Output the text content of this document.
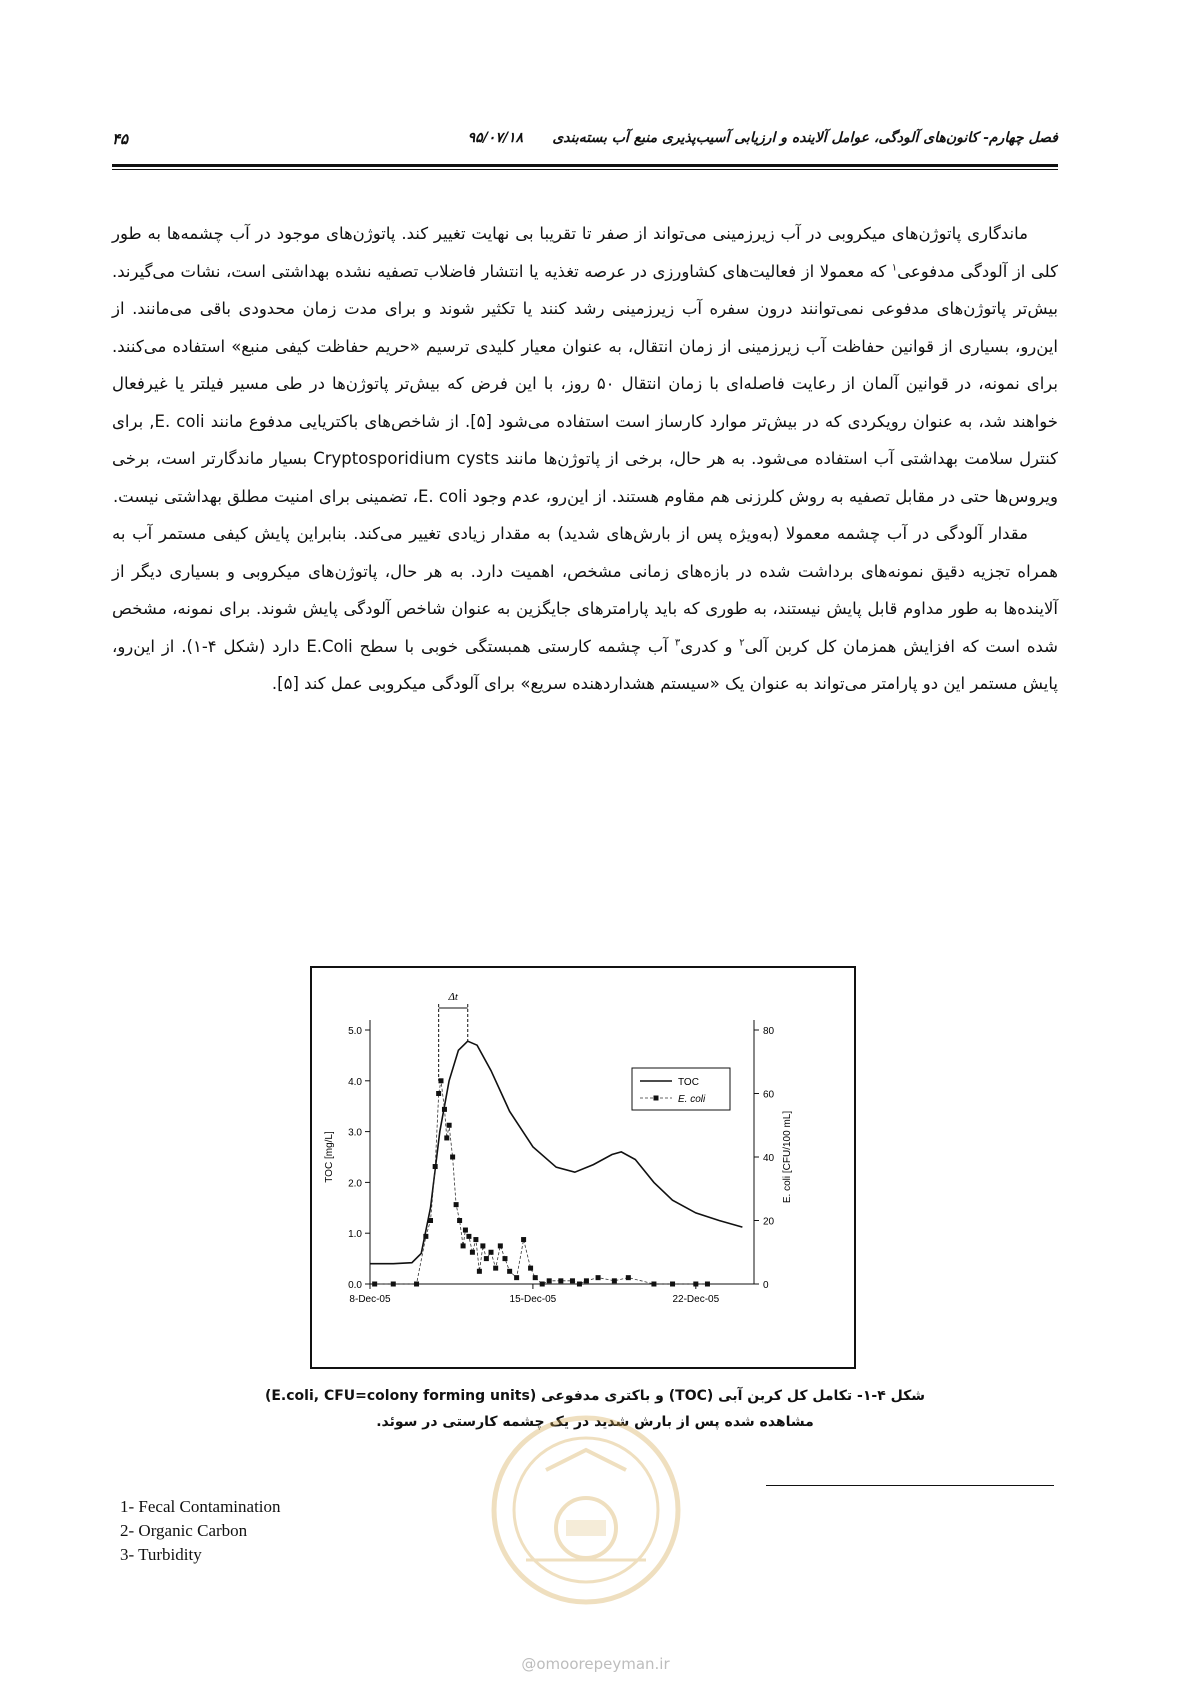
فصل چهارم- کانون‌های آلودگی، عوامل آلاینده و ارزیابی آسیب‌پذیری منبع آب بسته‌بندی
۹۵/۰۷/۱۸
۴۵

ماندگاری پاتوژن‌های میکروبی در آب زیرزمینی می‌تواند از صفر تا تقریبا بی نهایت تغییر کند. پاتوژن‌های موجود در آب چشمه‌ها به طور کلی از آلودگی مدفوعی$^۱$ که معمولا از فعالیت‌های کشاورزی در عرصه تغذیه یا انتشار فاضلاب تصفیه نشده بهداشتی است، نشات می‌گیرند. بیش‌تر پاتوژن‌های مدفوعی نمی‌توانند درون سفره آب زیرزمینی رشد کنند یا تکثیر شوند و برای مدت زمان محدودی باقی می‌مانند. از این‌رو، بسیاری از قوانین حفاظت آب زیرزمینی از زمان انتقال، به عنوان معیار کلیدی ترسیم «حریم حفاظت کیفی منبع» استفاده می‌کنند. برای نمونه، در قوانین آلمان از رعایت فاصله‌ای با زمان انتقال ۵۰ روز، با این فرض که بیش‌تر پاتوژن‌ها در طی مسیر فیلتر یا غیرفعال خواهند شد، به عنوان رویکردی که در بیش‌تر موارد کارساز است استفاده می‌شود [۵]. از شاخص‌های باکتریایی مدفوع مانند E. coli, برای کنترل سلامت بهداشتی آب استفاده می‌شود. به هر حال، برخی از پاتوژن‌ها مانند Cryptosporidium cysts بسیار ماندگارتر است، برخی ویروس‌ها حتی در مقابل تصفیه به روش کلرزنی هم مقاوم هستند. از این‌رو، عدم وجود E. coli، تضمینی برای امنیت مطلق بهداشتی نیست.

مقدار آلودگی در آب چشمه معمولا (به‌ویژه پس از بارش‌های شدید) به مقدار زیادی تغییر می‌کند. بنابراین پایش کیفی مستمر آب به همراه تجزیه دقیق نمونه‌های برداشت شده در بازه‌های زمانی مشخص، اهمیت دارد. به هر حال، پاتوژن‌های میکروبی و بسیاری دیگر از آلاینده‌ها به طور مداوم قابل پایش نیستند، به طوری که باید پارامترهای جایگزین به عنوان شاخص آلودگی پایش شوند. برای نمونه، مشخص شده است که افزایش همزمان کل کربن آلی$^۲$ و کدری$^۳$ آب چشمه کارستی همبستگی خوبی با سطح E.Coli دارد (شکل ۴-۱). از این‌رو، پایش مستمر این دو پارامتر می‌تواند به عنوان یک «سیستم هشداردهنده سریع» برای آلودگی میکروبی عمل کند [۵].

0.0
1.0
2.0
3.0
4.0
5.0
0
20
40
60
80
8-Dec-05	15-Dec-05	22-Dec-05
TOC [mg/L]	E. coli [CFU/100 mL]
TOC
E. coli
Δt
شکل ۴-۱- تکامل کل کربن آبی (TOC) و باکتری مدفوعی (E.coli, CFU=colony forming units)
مشاهده شده پس از بارش شدید در یک چشمه کارستی در سوئد.
1- Fecal Contamination
2- Organic Carbon
3- Turbidity
@omoorepeyman.ir
